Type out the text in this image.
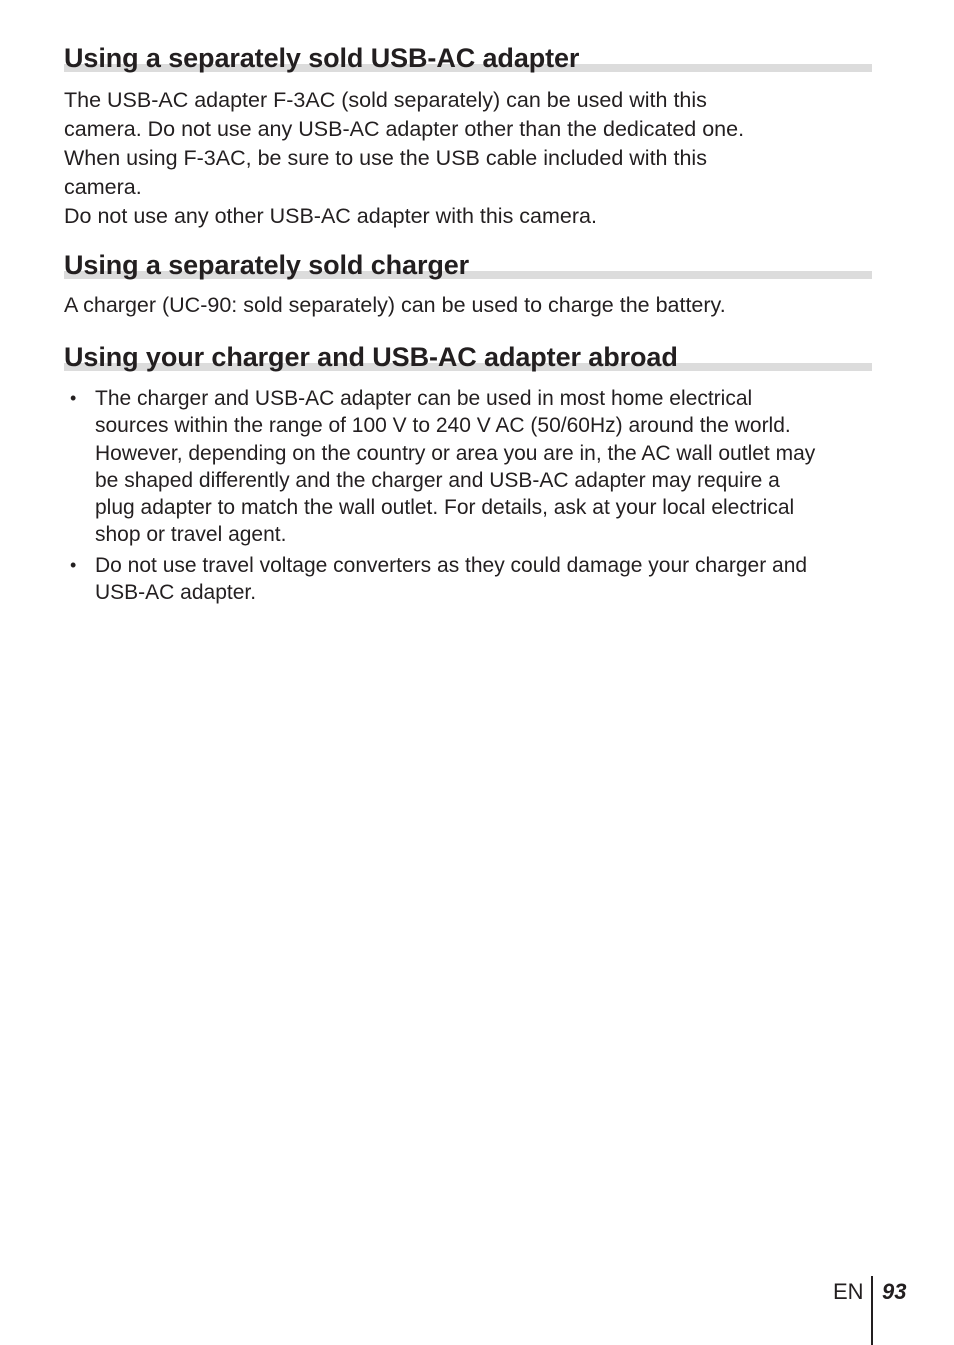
Using a separately sold USB-AC adapter

The USB-AC adapter F-3AC (sold separately) can be used with this

camera. Do not use any USB-AC adapter other than the dedicated one.

When using F-3AC, be sure to use the USB cable included with this

camera.

Do not use any other USB-AC adapter with this camera.

Using a separately sold charger

A charger (UC-90: sold separately) can be used to charge the battery.

Using your charger and USB-AC adapter abroad
• The charger and USB-AC adapter can be used in most home electrical
sources within the range of 100 V to 240 V AC (50/60Hz) around the world.
However, depending on the country or area you are in, the AC wall outlet may
be shaped differently and the charger and USB-AC adapter may require a
plug adapter to match the wall outlet. For details, ask at your local electrical
shop or travel agent.
• Do not use travel voltage converters as they could damage your charger and
USB-AC adapter.
EN 93
